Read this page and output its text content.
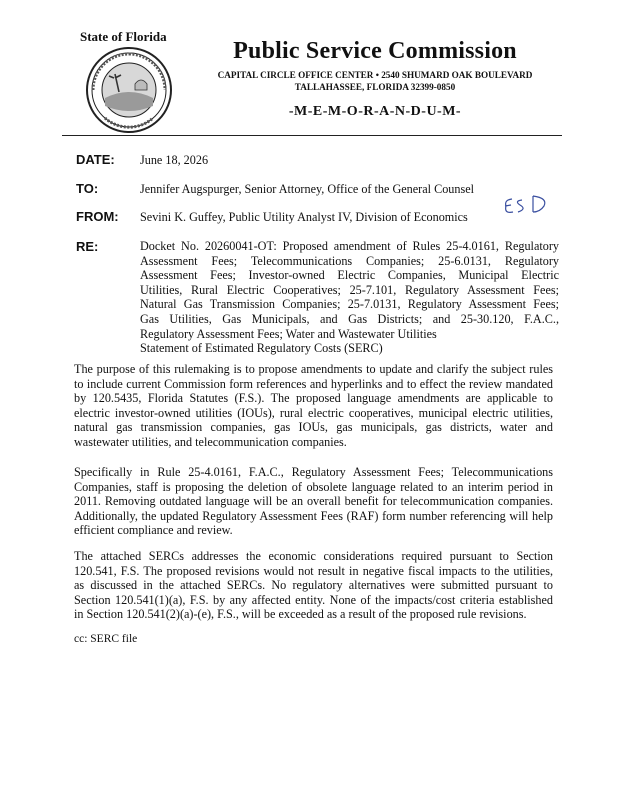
State of Florida
Public Service Commission
CAPITAL CIRCLE OFFICE CENTER • 2540 SHUMARD OAK BOULEVARD
TALLAHASSEE, FLORIDA 32399-0850
-M-E-M-O-R-A-N-D-U-M-
DATE: June 18, 2026
TO:	Jennifer Augspurger, Senior Attorney, Office of the General Counsel
FROM: Sevini K. Guffey, Public Utility Analyst IV, Division of Economics
RE:	Docket No. 20260041-OT: Proposed amendment of Rules 25-4.0161, Regulatory
Assessment Fees; Telecommunications Companies; 25-6.0131, Regulatory
Assessment Fees; Investor-owned Electric Companies, Municipal Electric
Utilities, Rural Electric Cooperatives; 25-7.101, Regulatory Assessment Fees;
Natural Gas Transmission Companies; 25-7.0131, Regulatory Assessment Fees;
Gas Utilities, Gas Municipals, and Gas Districts; and 25-30.120, F.A.C.,
Regulatory Assessment Fees; Water and Wastewater Utilities
Statement of Estimated Regulatory Costs (SERC)
The purpose of this rulemaking is to propose amendments to update and clarify the subject rules
to include current Commission form references and hyperlinks and to effect the review mandated
by 120.5435, Florida Statutes (F.S.). The proposed language amendments are applicable to
electric investor-owned utilities (IOUs), rural electric cooperatives, municipal electric utilities,
natural gas transmission companies, gas IOUs, gas municipals, gas districts, water and
wastewater utilities, and telecommunication companies.
Specifically in Rule 25-4.0161, F.A.C., Regulatory Assessment Fees; Telecommunications
Companies, staff is proposing the deletion of obsolete language related to an interim period in
2011. Removing outdated language will be an overall benefit for telecommunication companies.
Additionally, the updated Regulatory Assessment Fees (RAF) form number referencing will help
efficient compliance and review.
The attached SERCs addresses the economic considerations required pursuant to Section
120.541, F.S. The proposed revisions would not result in negative fiscal impacts to the utilities,
as discussed in the attached SERCs. No regulatory alternatives were submitted pursuant to
Section 120.541(1)(a), F.S. by any affected entity. None of the impacts/cost criteria established
in Section 120.541(2)(a)-(e), F.S., will be exceeded as a result of the proposed rule revisions.
cc: SERC file
